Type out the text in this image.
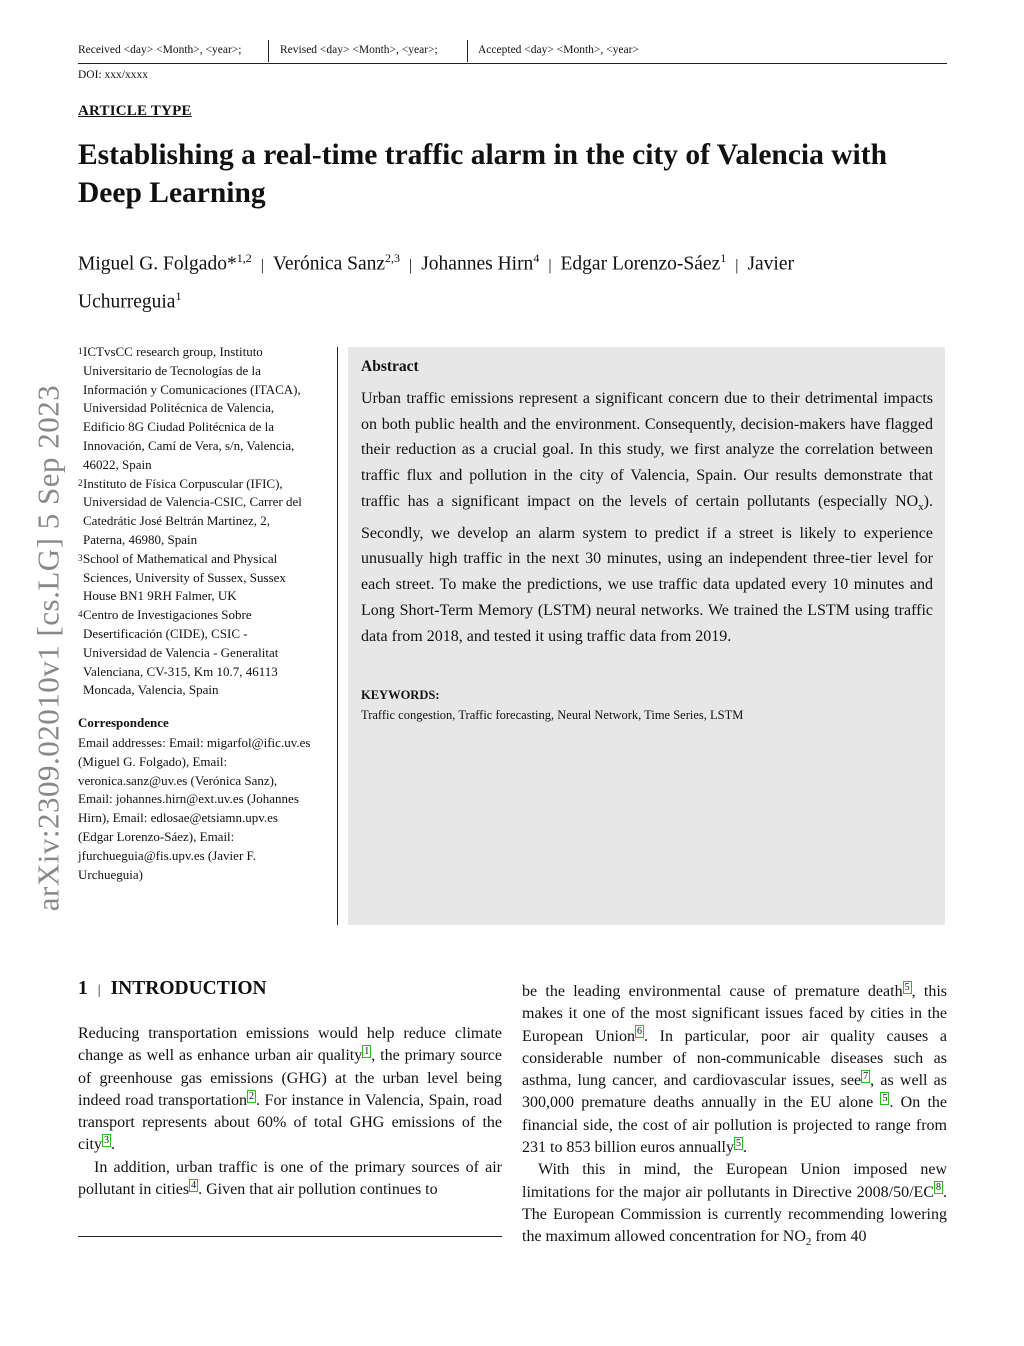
Received <day> <Month>, <year>;	Revised <day> <Month>, <year>;	Accepted <day> <Month>, <year>
DOI: xxx/xxxx
ARTICLE TYPE
Establishing a real-time traffic alarm in the city of Valencia with
Deep Learning
Miguel G. Folgado*$^{1,2}$ | Verónica Sanz$^{2,3}$ | Johannes Hirn$^4$ | Edgar Lorenzo-Sáez$^1$ | Javier
Uchurreguia$^1$
arXiv:2309.02010v1 [cs.LG] 5 Sep 2023
1 ICTvsCC research group, Instituto
Universitario de Tecnologías de la
Información y Comunicaciones (ITACA),
Universidad Politécnica de Valencia,
Edificio 8G Ciudad Politécnica de la
Innovación, Camí de Vera, s/n, Valencia,
46022, Spain
2 Instituto de Física Corpuscular (IFIC),
Universidad de Valencia-CSIC, Carrer del
Catedrátic José Beltrán Martinez, 2,
Paterna, 46980, Spain
3 School of Mathematical and Physical
Sciences, University of Sussex, Sussex
House BN1 9RH Falmer, UK
4 Centro de Investigaciones Sobre
Desertificación (CIDE), CSIC -
Universidad de Valencia - Generalitat
Valenciana, CV-315, Km 10.7, 46113
Moncada, Valencia, Spain
Correspondence
Email addresses: Email: migarfol@ific.uv.es
(Miguel G. Folgado), Email:
veronica.sanz@uv.es (Verónica Sanz),
Email: johannes.hirn@ext.uv.es (Johannes
Hirn), Email: edlosae@etsiamn.upv.es
(Edgar Lorenzo-Sáez), Email:
jfurchueguia@fis.upv.es (Javier F.
Urchueguia)
Abstract
Urban traffic emissions represent a significant concern due to their detrimental impacts on both public health and the environment. Consequently, decision-makers have flagged their reduction as a crucial goal. In this study, we first analyze the correlation between traffic flux and pollution in the city of Valencia, Spain. Our results demonstrate that traffic has a significant impact on the levels of certain pollutants (especially $NO_x$). Secondly, we develop an alarm system to predict if a street is likely to experience unusually high traffic in the next 30 minutes, using an independent three-tier level for each street. To make the predictions, we use traffic data updated every 10 minutes and Long Short-Term Memory (LSTM) neural networks. We trained the LSTM using traffic data from 2018, and tested it using traffic data from 2019.
KEYWORDS:
Traffic congestion, Traffic forecasting, Neural Network, Time Series, LSTM
1 | INTRODUCTION

Reducing transportation emissions would help reduce climate change as well as enhance urban air quality $^1$ , the primary source of greenhouse gas emissions (GHG) at the urban level being indeed road transportation $^2$ . For instance in Valencia, Spain, road transport represents about 60% of total GHG emissions of the city $^3$ .

In addition, urban traffic is one of the primary sources of air pollutant in cities $^4$ . Given that air pollution continues to

be the leading environmental cause of premature death $^5$ , this makes it one of the most significant issues faced by cities in the European Union $^6$ . In particular, poor air quality causes a considerable number of non-communicable diseases such as asthma, lung cancer, and cardiovascular issues, see $^7$ , as well as 300,000 premature deaths annually in the EU alone $^5$ . On the financial side, the cost of air pollution is projected to range from 231 to 853 billion euros annually $^5$ .

With this in mind, the European Union imposed new limitations for the major air pollutants in Directive 2008/50/EC $^8$ . The European Commission is currently recommending lowering the maximum allowed concentration for $NO_2$ from 40
